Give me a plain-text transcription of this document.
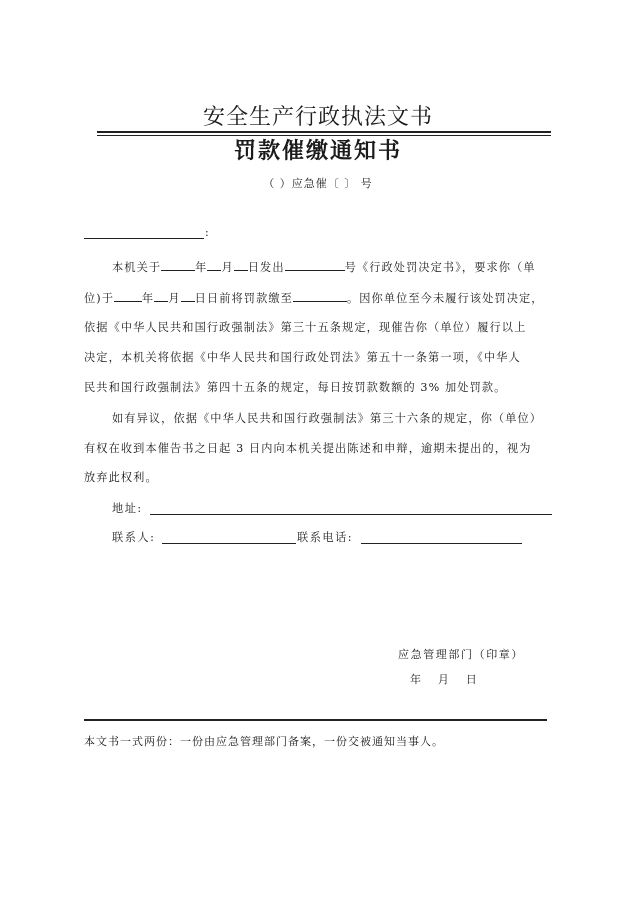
安全生产行政执法文书
罚款催缴通知书
（ ）应急催〔 〕 号
:
本机关于	年 月 日发出	号《行政处罚决定书》，要求你（单
位)于	年 月 日日前将罚款缴至	。因你单位至今未履行该处罚决定，
依据《中华人民共和国行政强制法》第三十五条规定，现催告你（单位）履行以上
决定，本机关将依据《中华人民共和国行政处罚法》第五十一条第一项，《中华人
民共和国行政强制法》第四十五条的规定，每日按罚款数额的 3% 加处罚款。
如有异议，依据《中华人民共和国行政强制法》第三十六条的规定，你（单位）
有权在收到本催告书之日起 3 日内向本机关提出陈述和申辩，逾期未提出的，视为
放弃此权利。
地址:
联系人:	联系电话:
应急管理部门（印章）
年   月   日
本文书一式两份：一份由应急管理部门备案，一份交被通知当事人。
